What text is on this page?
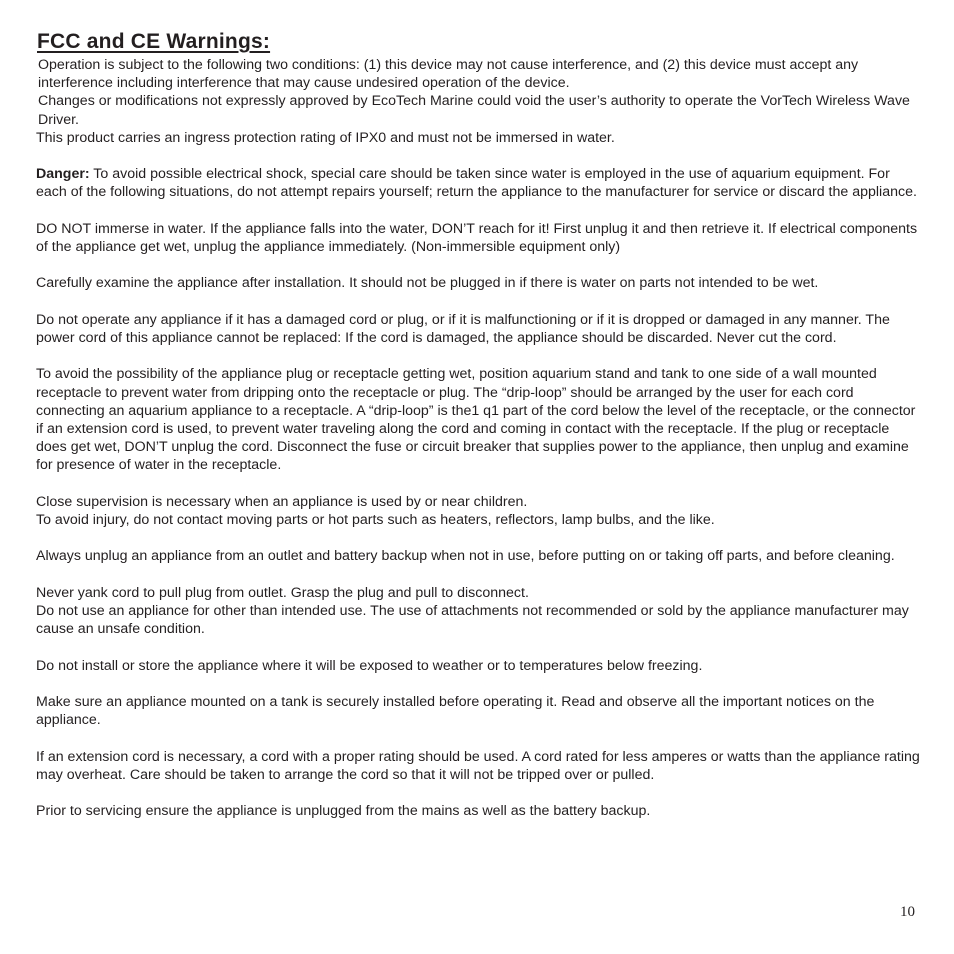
FCC and CE Warnings:

Operation is subject to the following two conditions: (1) this device may not cause interference, and (2) this device must accept any interference including interference that may cause undesired operation of the device.

Changes or modifications not expressly approved by EcoTech Marine could void the user’s authority to operate the VorTech Wireless Wave Driver.

This product carries an ingress protection rating of IPX0 and must not be immersed in water.

Danger: To avoid possible electrical shock, special care should be taken since water is employed in the use of aquarium equipment. For each of the following situations, do not attempt repairs yourself; return the appliance to the manufacturer for service or discard the appliance.

DO NOT immerse in water. If the appliance falls into the water, DON’T reach for it! First unplug it and then retrieve it. If electrical components of the appliance get wet, unplug the appliance immediately. (Non-immersible equipment only)

Carefully examine the appliance after installation. It should not be plugged in if there is water on parts not intended to be wet.

Do not operate any appliance if it has a damaged cord or plug, or if it is malfunctioning or if it is dropped or damaged in any manner. The power cord of this appliance cannot be replaced: If the cord is damaged, the appliance should be discarded. Never cut the cord.

To avoid the possibility of the appliance plug or receptacle getting wet, position aquarium stand and tank to one side of a wall mounted receptacle to prevent water from dripping onto the receptacle or plug. The “drip-loop” should be arranged by the user for each cord connecting an aquarium appliance to a receptacle. A “drip-loop” is the1 q1 part of the cord below the level of the receptacle, or the connector if an extension cord is used, to prevent water traveling along the cord and coming in contact with the receptacle. If the plug or receptacle does get wet, DON’T unplug the cord. Disconnect the fuse or circuit breaker that supplies power to the appliance, then unplug and examine for presence of water in the receptacle.

Close supervision is necessary when an appliance is used by or near children.

To avoid injury, do not contact moving parts or hot parts such as heaters, reflectors, lamp bulbs, and the like.

Always unplug an appliance from an outlet and battery backup when not in use, before putting on or taking off parts, and before cleaning.

Never yank cord to pull plug from outlet. Grasp the plug and pull to disconnect.

Do not use an appliance for other than intended use. The use of attachments not recommended or sold by the appliance manufacturer may cause an unsafe condition.

Do not install or store the appliance where it will be exposed to weather or to temperatures below freezing.

Make sure an appliance mounted on a tank is securely installed before operating it. Read and observe all the important notices on the appliance.

If an extension cord is necessary, a cord with a proper rating should be used. A cord rated for less amperes or watts than the appliance rating may overheat. Care should be taken to arrange the cord so that it will not be tripped over or pulled.

Prior to servicing ensure the appliance is unplugged from the mains as well as the battery backup.

10
